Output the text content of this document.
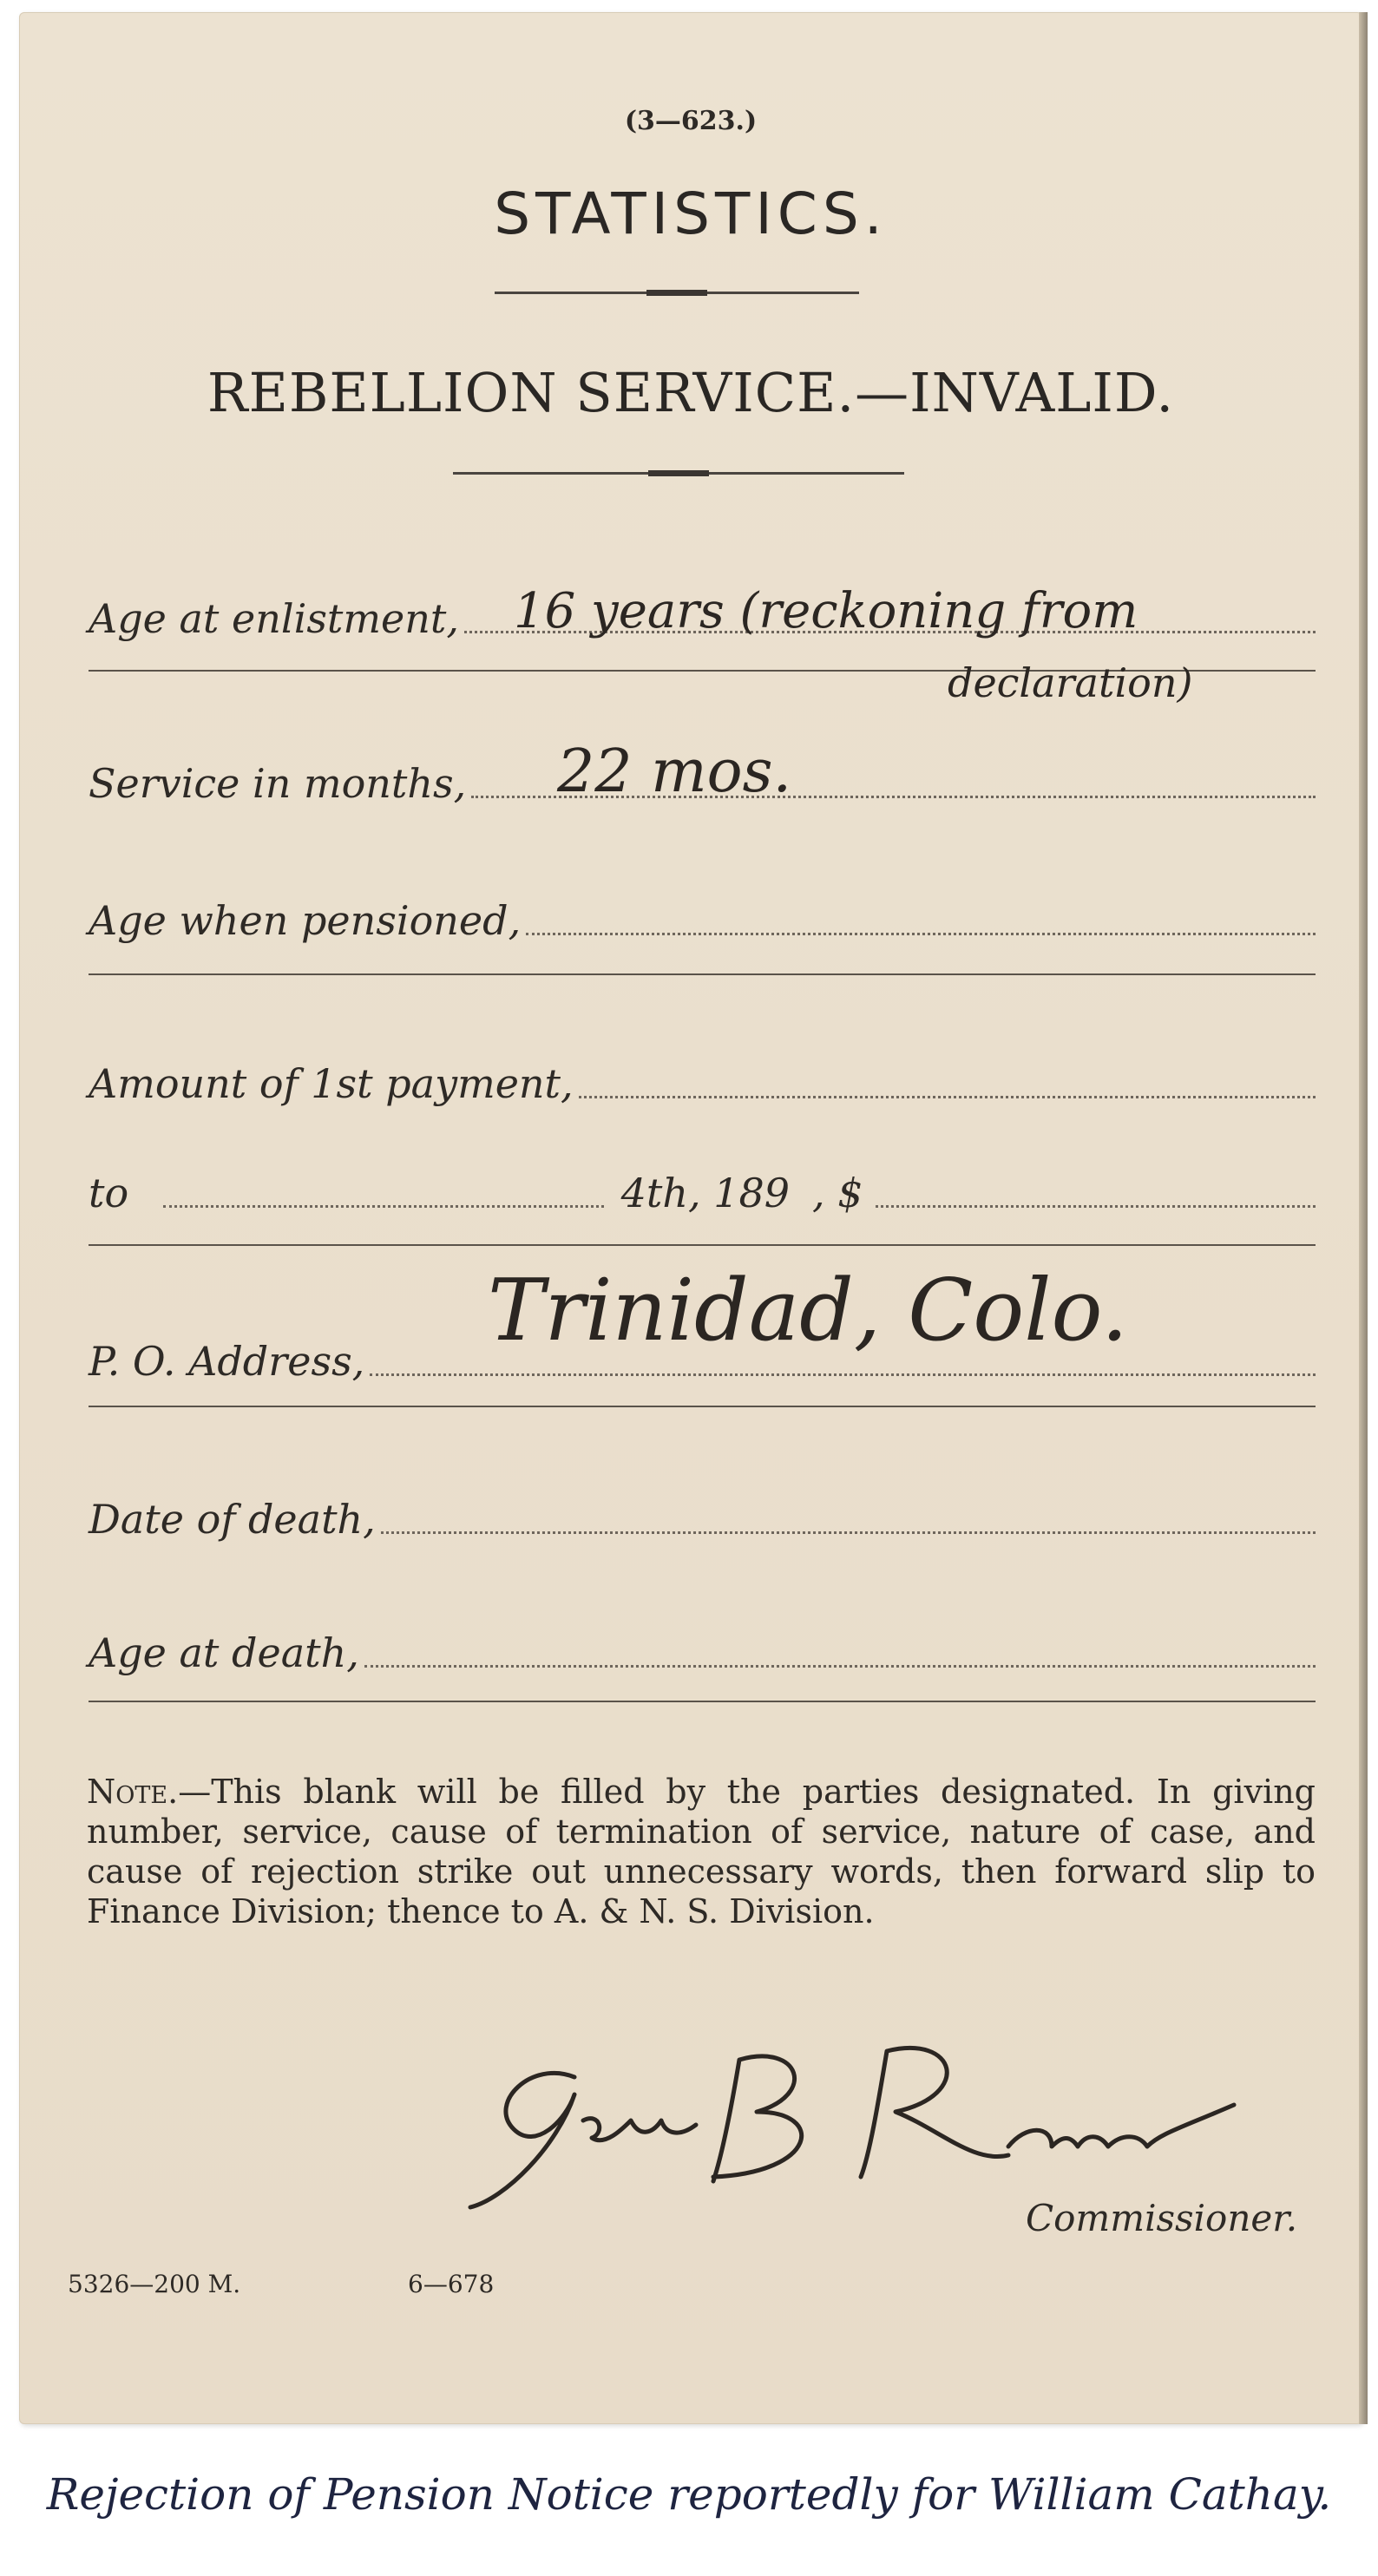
(3—623.)
STATISTICS.
REBELLION SERVICE.—INVALID.
Age at enlistment, 16 years (reckoning from
declaration)
Service in months, 22 mos.
Age when pensioned,
Amount of 1st payment,
to	4th, 189 , $
P. O. Address,
Trinidad, Colo.
Date of death,
Age at death,
Note.—This blank will be filled by the parties designated. In giving number, service, cause of termination of service, nature of case, and cause of rejection strike out unnecessary words, then forward slip to Finance Division; thence to A. & N. S. Division.
Geo. B. Raum
Commissioner.
5326—200 M.	6—678
Rejection of Pension Notice reportedly for William Cathay.
